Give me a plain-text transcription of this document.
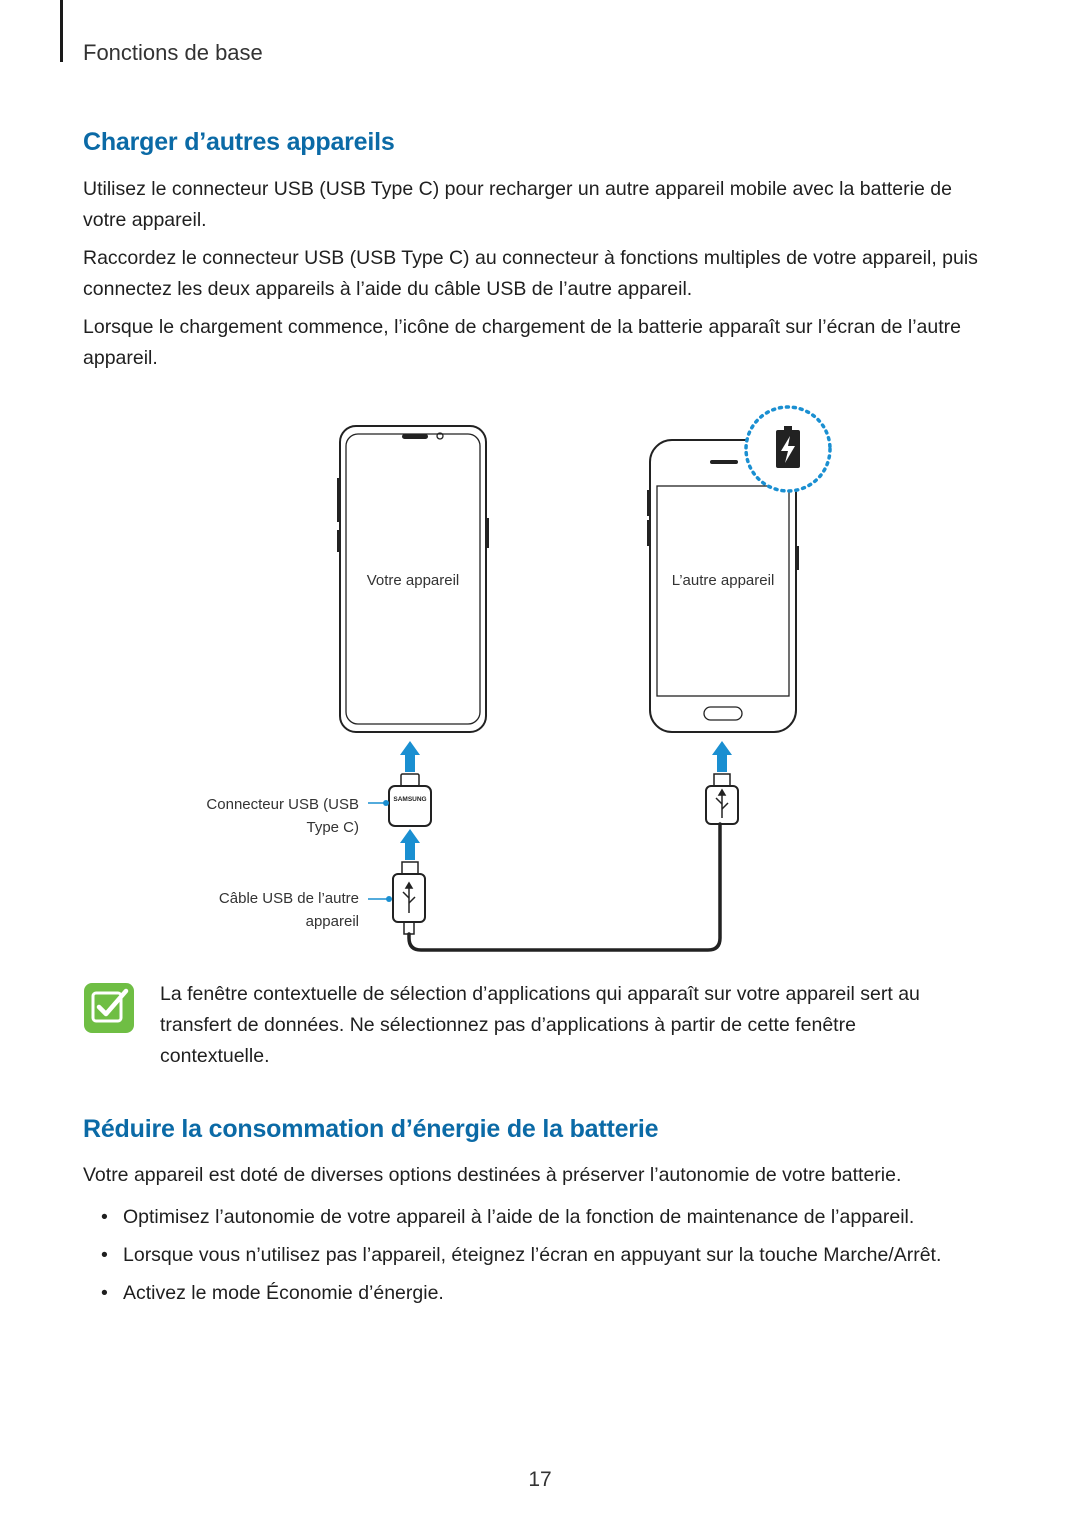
Fonctions de base
Charger d’autres appareils

Utilisez le connecteur USB (USB Type C) pour recharger un autre appareil mobile avec la batterie de votre appareil.

Raccordez le connecteur USB (USB Type C) au connecteur à fonctions multiples de votre appareil, puis connectez les deux appareils à l’aide du câble USB de l’autre appareil.

Lorsque le chargement commence, l’icône de chargement de la batterie apparaît sur l’écran de l’autre appareil.

Votre appareil	L’autre appareil
SAMSUNG
Connecteur USB (USB
Type C)
Câble USB de l’autre
appareil

La fenêtre contextuelle de sélection d’applications qui apparaît sur votre appareil sert au transfert de données. Ne sélectionnez pas d’applications à partir de cette fenêtre contextuelle.

Réduire la consommation d’énergie de la batterie

Votre appareil est doté de diverses options destinées à préserver l’autonomie de votre batterie.

• Optimisez l’autonomie de votre appareil à l’aide de la fonction de maintenance de l’appareil.
• Lorsque vous n’utilisez pas l’appareil, éteignez l’écran en appuyant sur la touche Marche/Arrêt.
• Activez le mode Économie d’énergie.
17
